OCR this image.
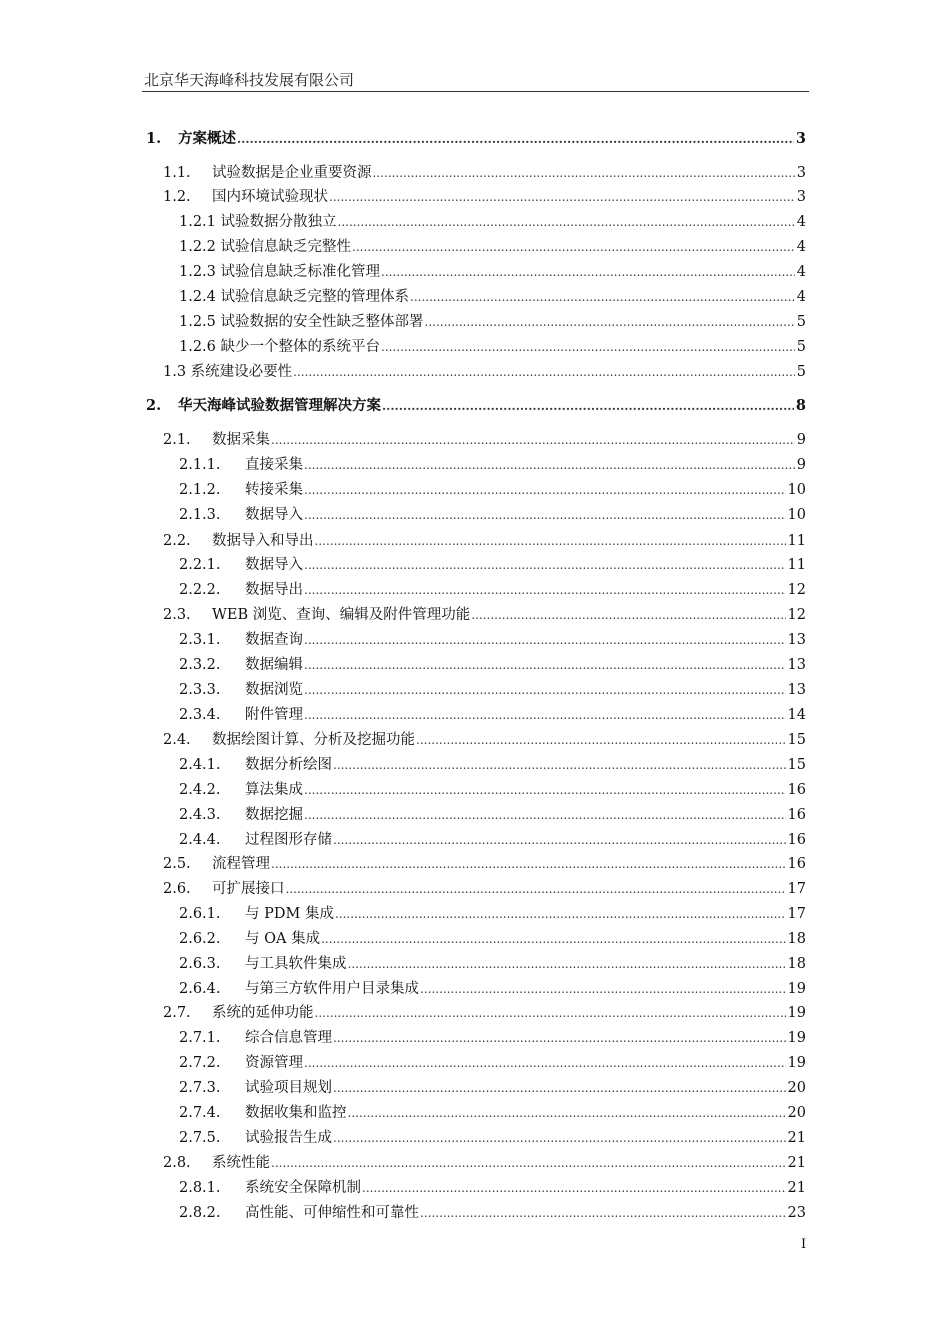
北京华天海峰科技发展有限公司
1.	方案概述 .....	3
1.1.	试验数据是企业重要资源 .....	3
1.2.	国内环境试验现状 .....	3
1.2.1 试验数据分散独立 .....	4
1.2.2 试验信息缺乏完整性 .....	4
1.2.3 试验信息缺乏标准化管理 .....	4
1.2.4 试验信息缺乏完整的管理体系 .....	4
1.2.5 试验数据的安全性缺乏整体部署 .....	5
1.2.6 缺少一个整体的系统平台 .....	5
1.3 系统建设必要性 .....	5
2.	华天海峰试验数据管理解决方案 .....	8
2.1.	数据采集 .....	9
2.1.1.	直接采集 .....	9
2.1.2.	转接采集 .....	10
2.1.3.	数据导入 .....	10
2.2.	数据导入和导出 .....	11
2.2.1.	数据导入 .....	11
2.2.2.	数据导出 .....	12
2.3.	WEB 浏览、查询、编辑及附件管理功能 .....	12
2.3.1.	数据查询 .....	13
2.3.2.	数据编辑 .....	13
2.3.3.	数据浏览 .....	13
2.3.4.	附件管理 .....	14
2.4.	数据绘图计算、分析及挖掘功能 .....	15
2.4.1.	数据分析绘图 .....	15
2.4.2.	算法集成 .....	16
2.4.3.	数据挖掘 .....	16
2.4.4.	过程图形存储 .....	16
2.5.	流程管理 .....	16
2.6.	可扩展接口 .....	17
2.6.1.	与 PDM 集成 .....	17
2.6.2.	与 OA 集成 .....	18
2.6.3.	与工具软件集成 .....	18
2.6.4.	与第三方软件用户目录集成 .....	19
2.7.	系统的延伸功能 .....	19
2.7.1.	综合信息管理 .....	19
2.7.2.	资源管理 .....	19
2.7.3.	试验项目规划 .....	20
2.7.4.	数据收集和监控 .....	20
2.7.5.	试验报告生成 .....	21
2.8.	系统性能 .....	21
2.8.1.	系统安全保障机制 .....	21
2.8.2.	高性能、可伸缩性和可靠性 .....	23
I
